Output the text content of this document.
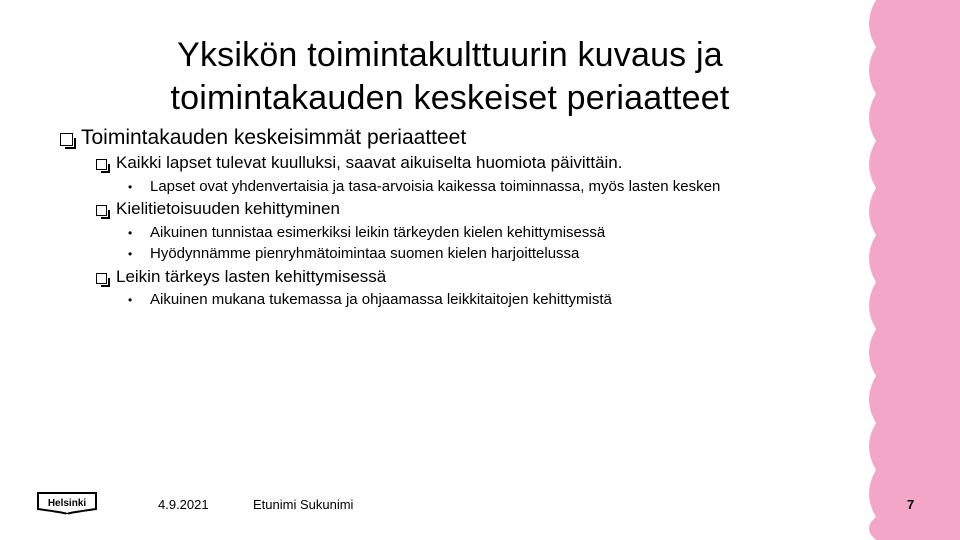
Yksikön toimintakulttuurin kuvaus ja
toimintakauden keskeiset periaatteet
Toimintakauden keskeisimmät periaatteet
Kaikki lapset tulevat kuulluksi, saavat aikuiselta huomiota päivittäin.
•	Lapset ovat yhdenvertaisia ja tasa-arvoisia kaikessa toiminnassa, myös lasten kesken
Kielitietoisuuden kehittyminen
•	Aikuinen tunnistaa esimerkiksi leikin tärkeyden kielen kehittymisessä
•	Hyödynnämme pienryhmätoimintaa suomen kielen harjoittelussa
Leikin tärkeys lasten kehittymisessä
•	Aikuinen mukana tukemassa ja ohjaamassa leikkitaitojen kehittymistä
Helsinki	4.9.2021	Etunimi Sukunimi	7
